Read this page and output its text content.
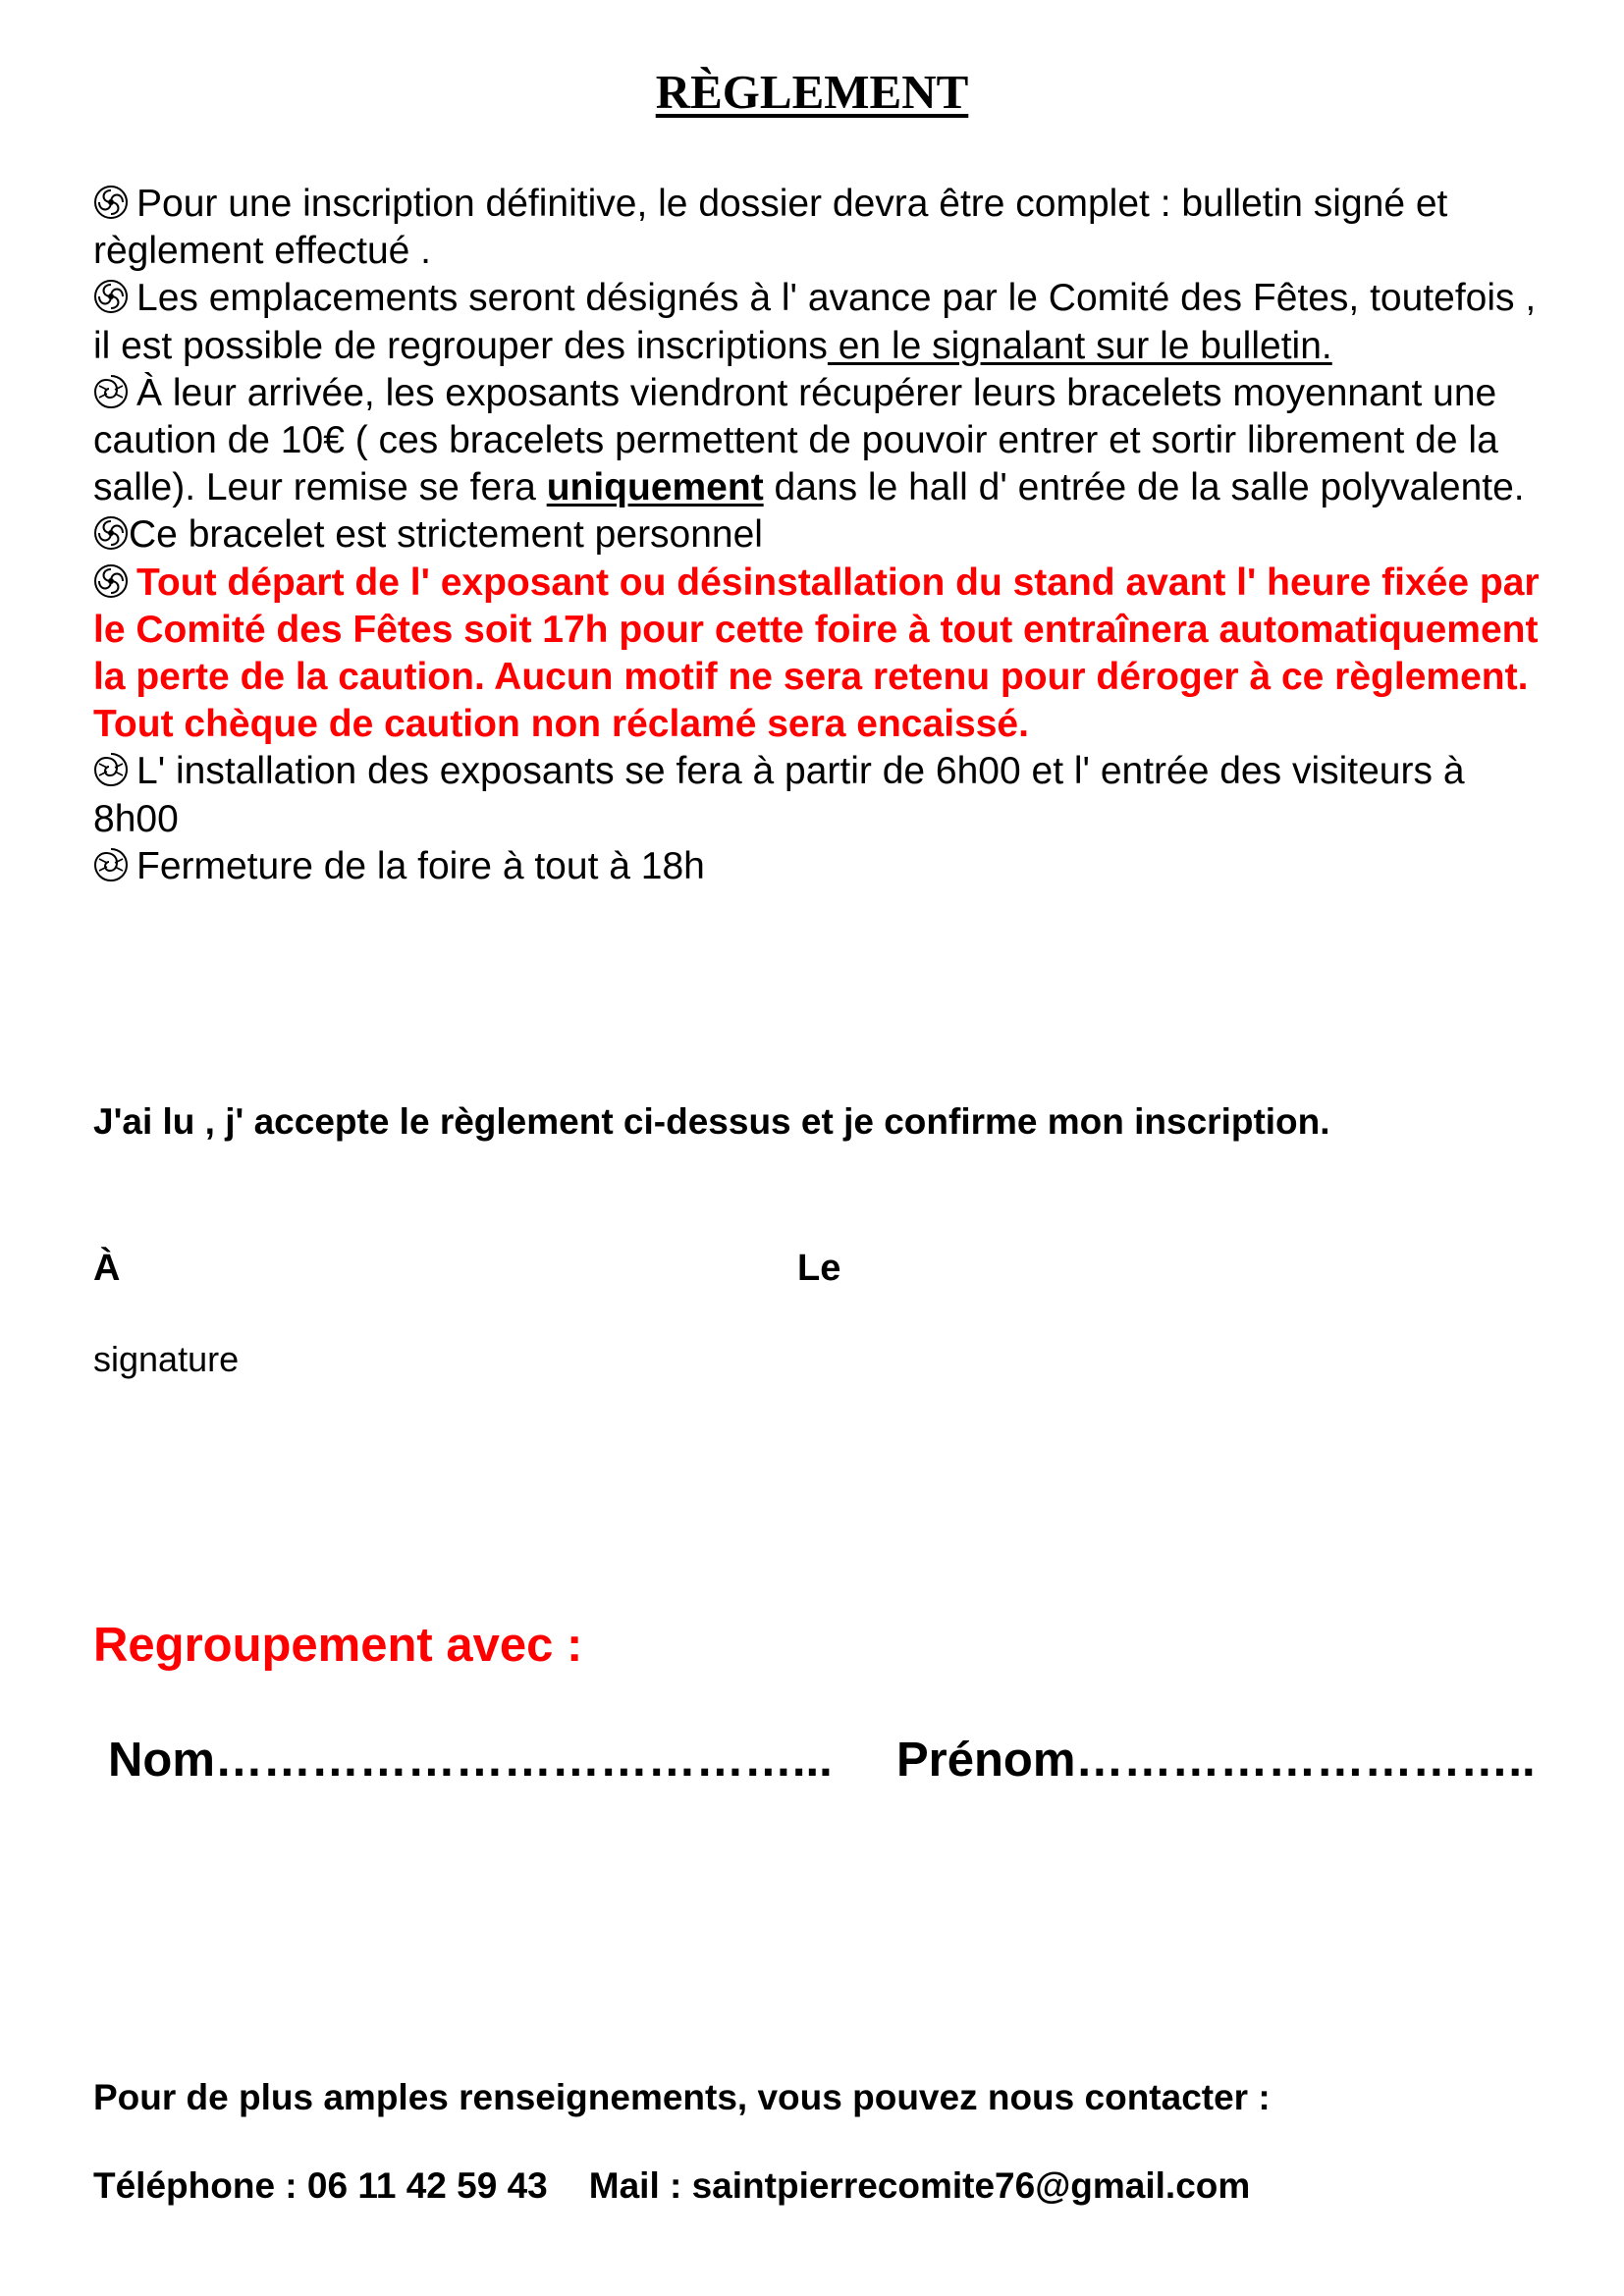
RÈGLEMENT

Pour une inscription définitive, le dossier devra être complet : bulletin signé et règlement effectué .

Les emplacements seront désignés à l' avance par le Comité des Fêtes, toutefois , il est possible de regrouper des inscriptions en le signalant sur le bulletin.

À leur arrivée, les exposants viendront récupérer leurs bracelets moyennant une caution de 10€ ( ces bracelets permettent de pouvoir entrer et sortir librement de la salle). Leur remise se fera uniquement dans le hall d' entrée de la salle polyvalente.

Ce bracelet est strictement personnel

Tout départ de l' exposant ou désinstallation du stand avant l' heure fixée par le Comité des Fêtes soit 17h pour cette foire à tout entraînera automatiquement la perte de la caution. Aucun motif ne sera retenu pour déroger à ce règlement. Tout chèque de caution non réclamé sera encaissé.

L' installation des exposants se fera à partir de 6h00 et l' entrée des visiteurs à 8h00

Fermeture de la foire à tout à 18h

J'ai lu , j' accepte le règlement ci-dessus et je confirme mon inscription.

À	Le

signature

Regroupement avec :

Nom………………………………... Prénom………………………..

Pour de plus amples renseignements, vous pouvez nous contacter :

Téléphone : 06 11 42 59 43 Mail : saintpierrecomite76@gmail.com
